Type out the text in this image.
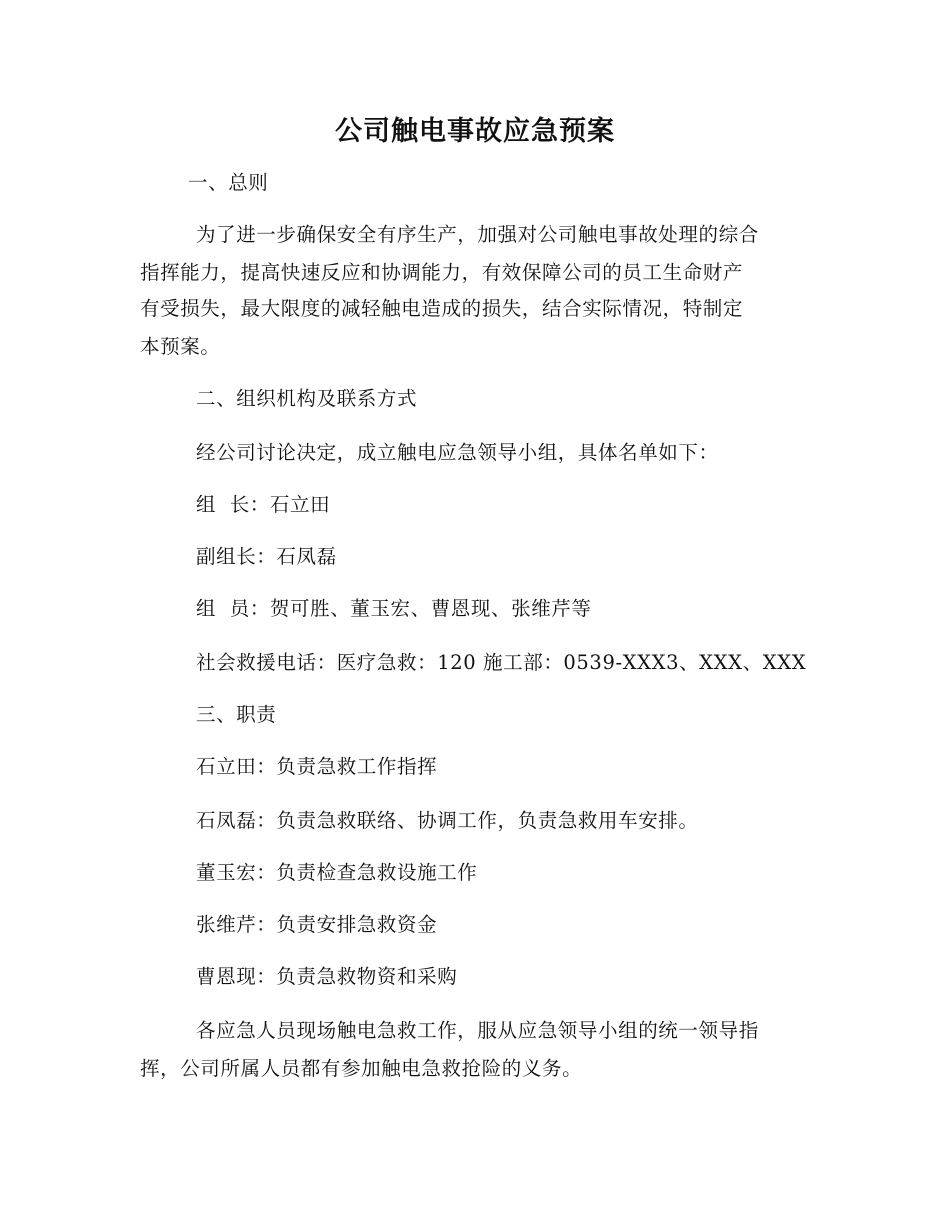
公司触电事故应急预案
一、总则
为了进一步确保安全有序生产，加强对公司触电事故处理的综合
指挥能力，提高快速反应和协调能力，有效保障公司的员工生命财产
有受损失，最大限度的减轻触电造成的损失，结合实际情况，特制定
本预案。
二、组织机构及联系方式
经公司讨论决定，成立触电应急领导小组，具体名单如下：
组  长：石立田
副组长：石凤磊
组  员：贺可胜、董玉宏、曹恩现、张维芹等
社会救援电话：医疗急救：120 施工部：0539-XXX3、XXX、XXX
三、职责
石立田：负责急救工作指挥
石凤磊：负责急救联络、协调工作，负责急救用车安排。
董玉宏：负责检查急救设施工作
张维芹：负责安排急救资金
曹恩现：负责急救物资和采购
各应急人员现场触电急救工作，服从应急领导小组的统一领导指
挥，公司所属人员都有参加触电急救抢险的义务。
